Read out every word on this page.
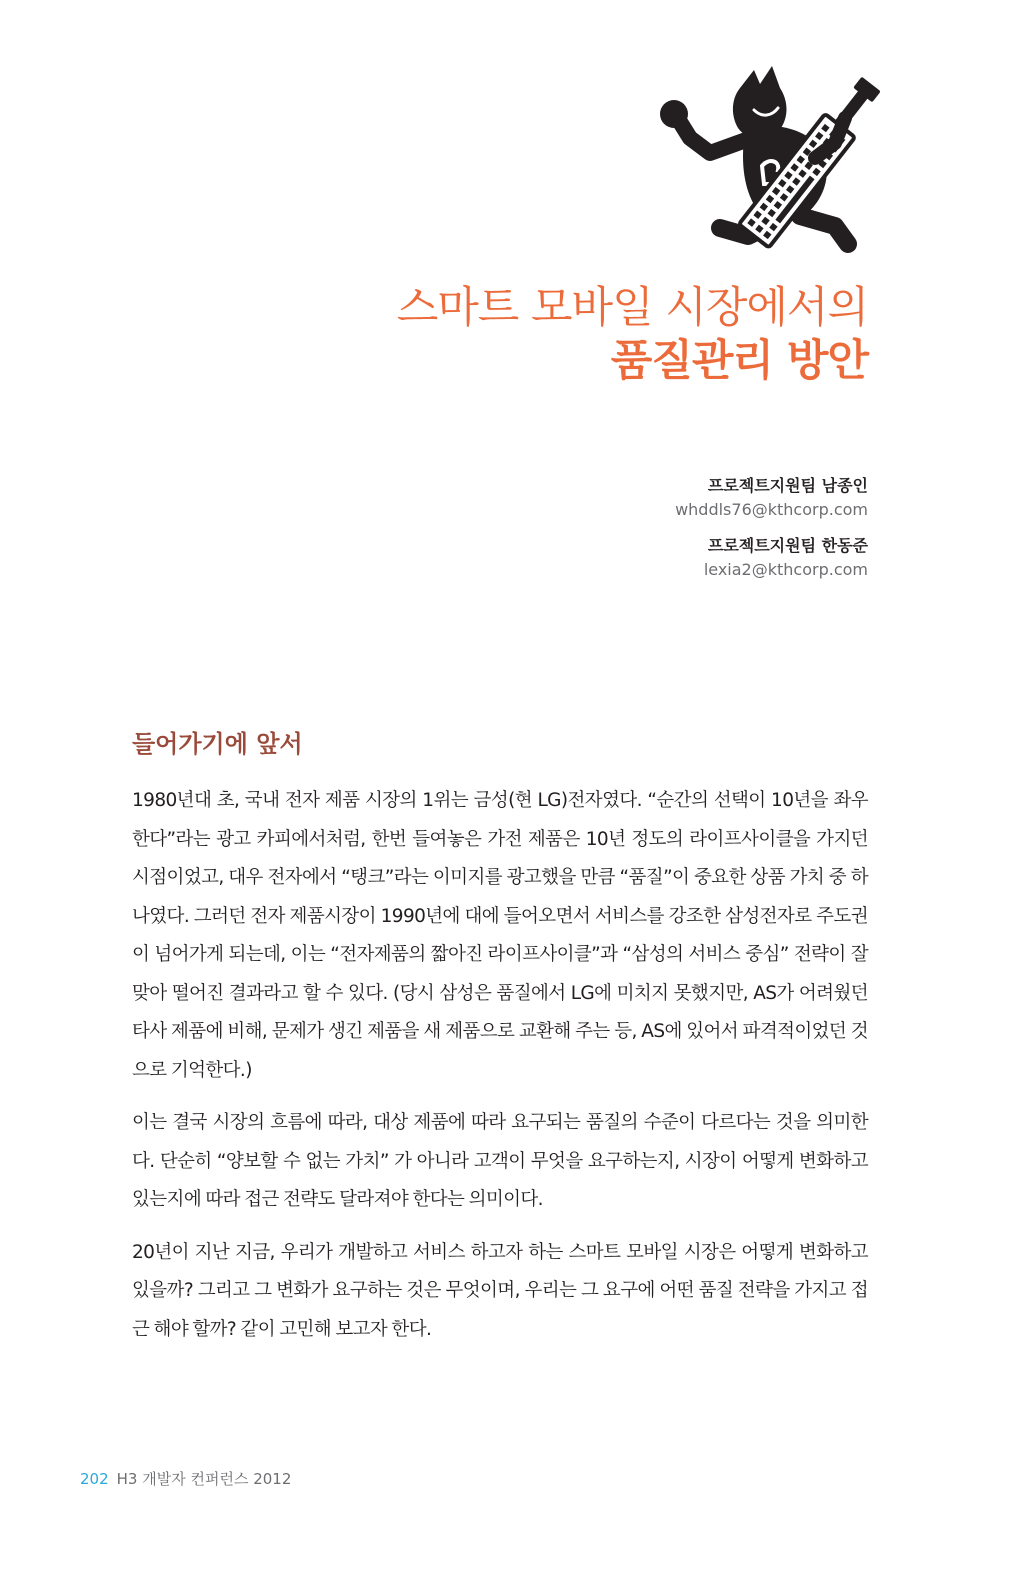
스마트 모바일 시장에서의
품질관리 방안
프로젝트지원팀 남종인
whddls76@kthcorp.com
프로젝트지원팀 한동준
lexia2@kthcorp.com
들어가기에 앞서

1980년대 초, 국내 전자 제품 시장의 1위는 금성(현 LG)전자였다. “순간의 선택이 10년을 좌우한다”라는 광고 카피에서처럼, 한번 들여놓은 가전 제품은 10년 정도의 라이프사이클을 가지던 시점이었고, 대우 전자에서 “탱크”라는 이미지를 광고했을 만큼 “품질”이 중요한 상품 가치 중 하나였다. 그러던 전자 제품시장이 1990년에 대에 들어오면서 서비스를 강조한 삼성전자로 주도권이 넘어가게 되는데, 이는 “전자제품의 짧아진 라이프사이클”과 “삼성의 서비스 중심” 전략이 잘 맞아 떨어진 결과라고 할 수 있다. (당시 삼성은 품질에서 LG에 미치지 못했지만, AS가 어려웠던 타사 제품에 비해, 문제가 생긴 제품을 새 제품으로 교환해 주는 등, AS에 있어서 파격적이었던 것으로 기억한다.)

이는 결국 시장의 흐름에 따라, 대상 제품에 따라 요구되는 품질의 수준이 다르다는 것을 의미한다. 단순히 “양보할 수 없는 가치” 가 아니라 고객이 무엇을 요구하는지, 시장이 어떻게 변화하고 있는지에 따라 접근 전략도 달라져야 한다는 의미이다.

20년이 지난 지금, 우리가 개발하고 서비스 하고자 하는 스마트 모바일 시장은 어떻게 변화하고 있을까? 그리고 그 변화가 요구하는 것은 무엇이며, 우리는 그 요구에 어떤 품질 전략을 가지고 접근 해야 할까? 같이 고민해 보고자 한다.

202 H3 개발자 컨퍼런스 2012
